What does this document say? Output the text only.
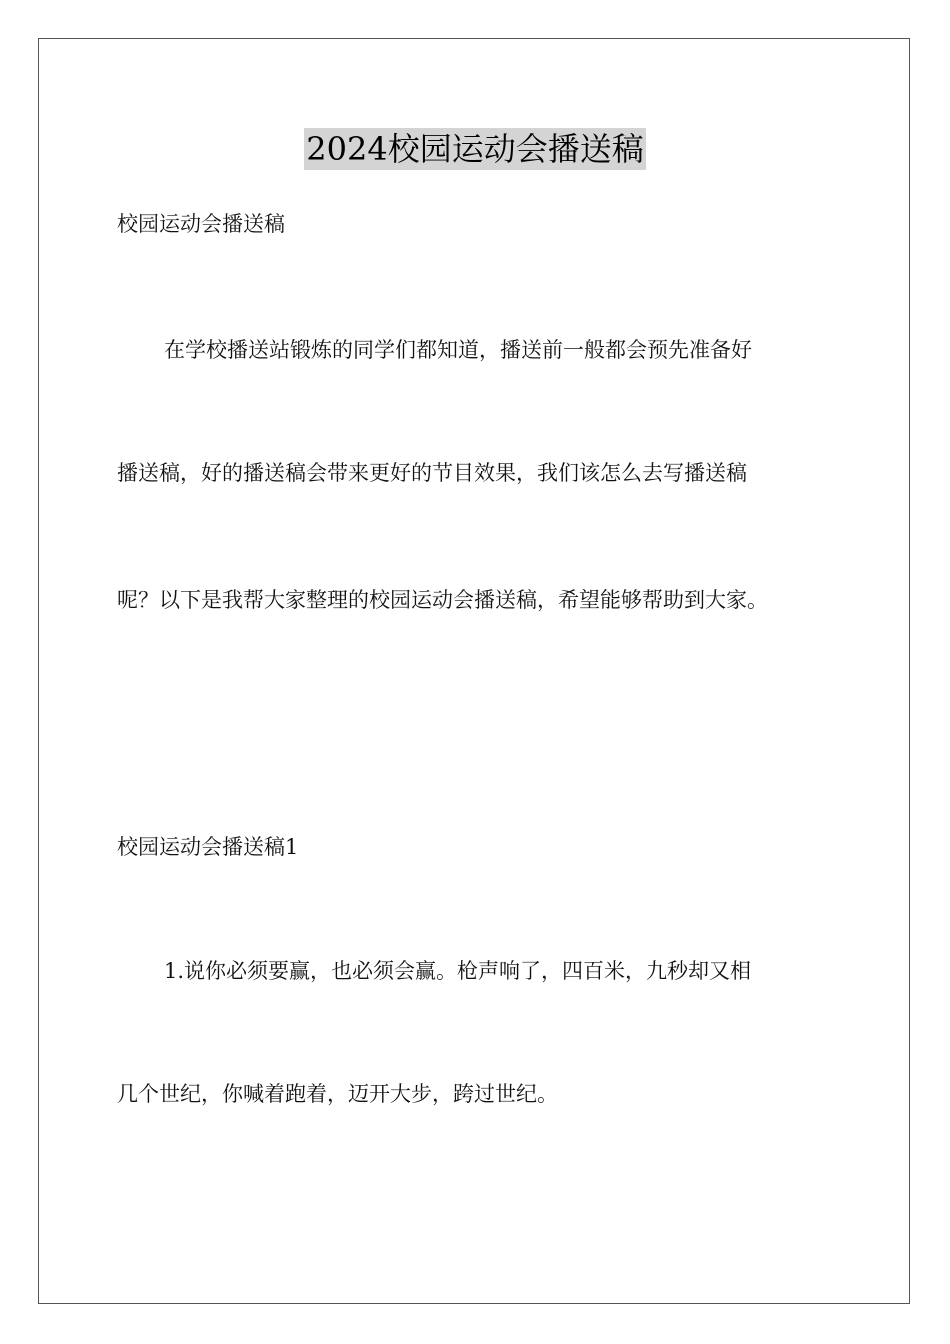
2024校园运动会播送稿
校园运动会播送稿
在学校播送站锻炼的同学们都知道，播送前一般都会预先准备好
播送稿，好的播送稿会带来更好的节目效果，我们该怎么去写播送稿
呢？以下是我帮大家整理的校园运动会播送稿，希望能够帮助到大家。
校园运动会播送稿1
1.说你必须要赢，也必须会赢。枪声响了，四百米，九秒却又相
几个世纪，你喊着跑着，迈开大步，跨过世纪。
